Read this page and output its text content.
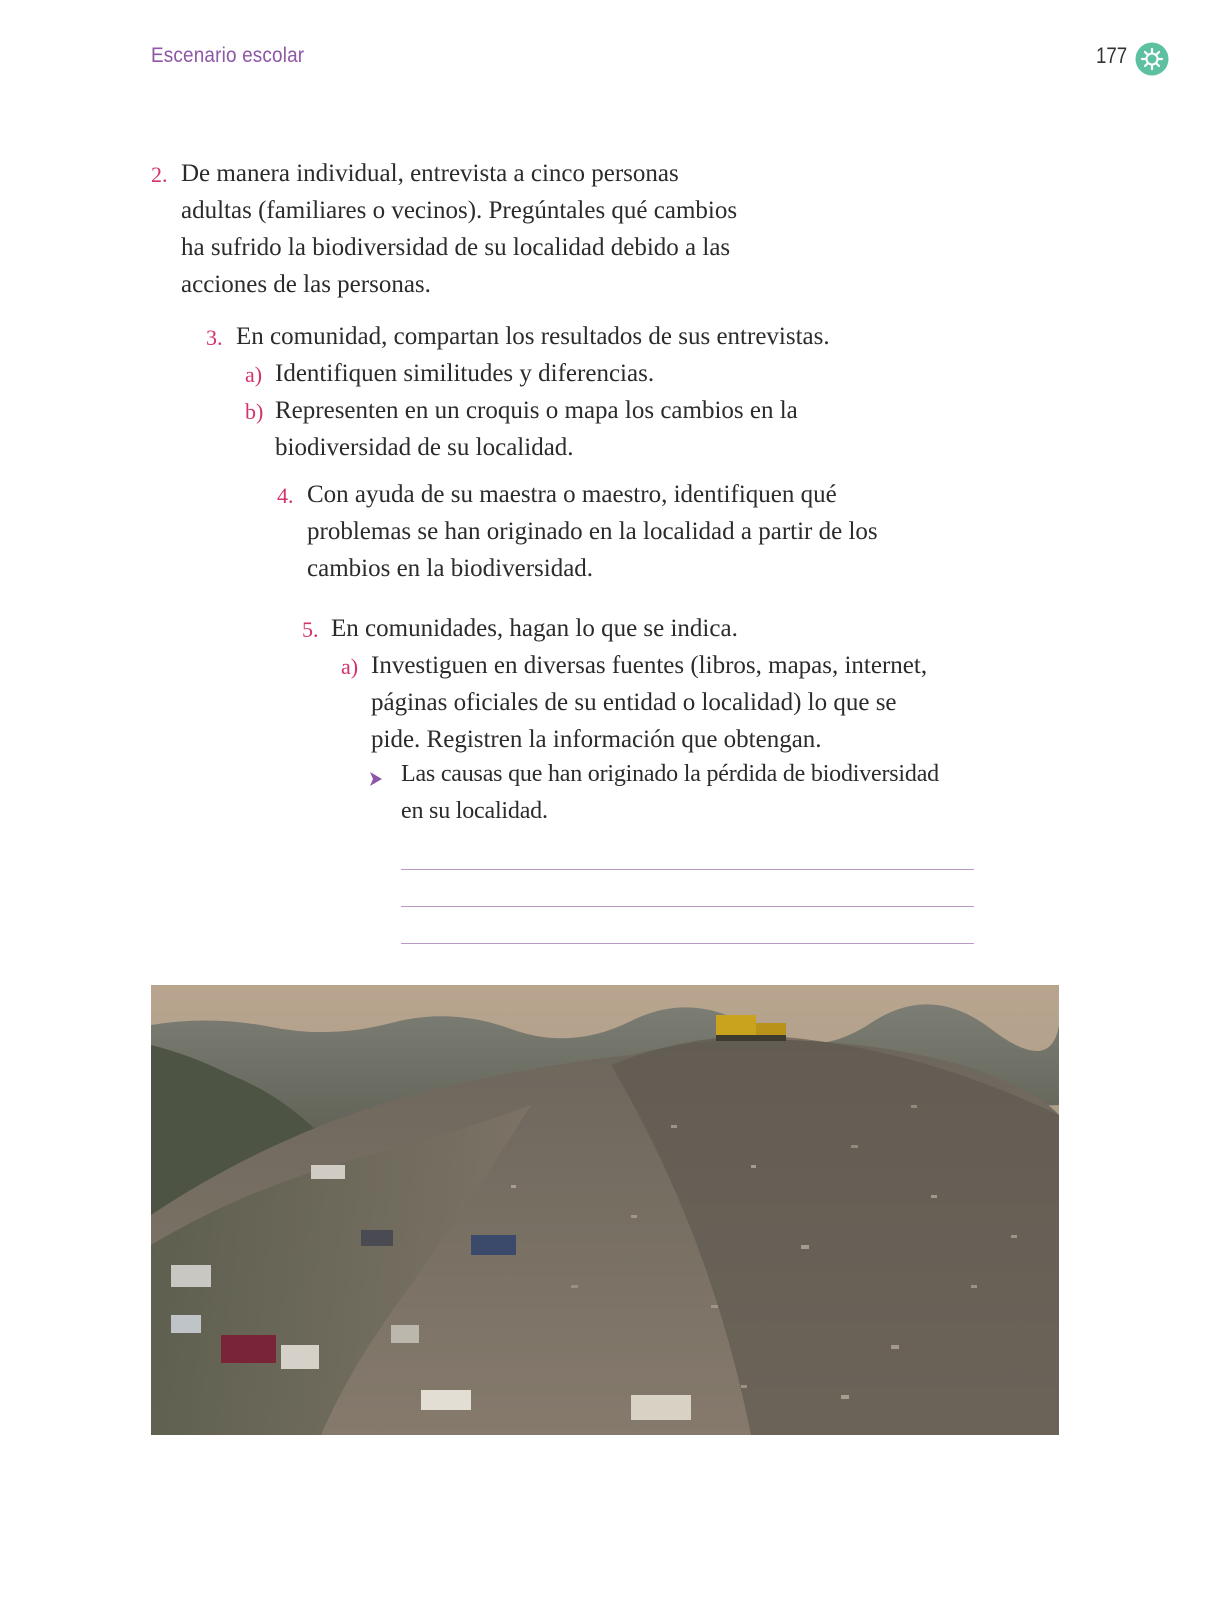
Escenario escolar	177
2. De manera individual, entrevista a cinco personas
adultas (familiares o vecinos). Pregúntales qué cambios
ha sufrido la biodiversidad de su localidad debido a las
acciones de las personas.
3. En comunidad, compartan los resultados de sus entrevistas.
a) Identifiquen similitudes y diferencias.
b) Representen en un croquis o mapa los cambios en la
biodiversidad de su localidad.
4. Con ayuda de su maestra o maestro, identifiquen qué
problemas se han originado en la localidad a partir de los
cambios en la biodiversidad.
5. En comunidades, hagan lo que se indica.
a) Investiguen en diversas fuentes (libros, mapas, internet,
páginas oficiales de su entidad o localidad) lo que se
pide. Registren la información que obtengan.
Las causas que han originado la pérdida de biodiversidad
en su localidad.
